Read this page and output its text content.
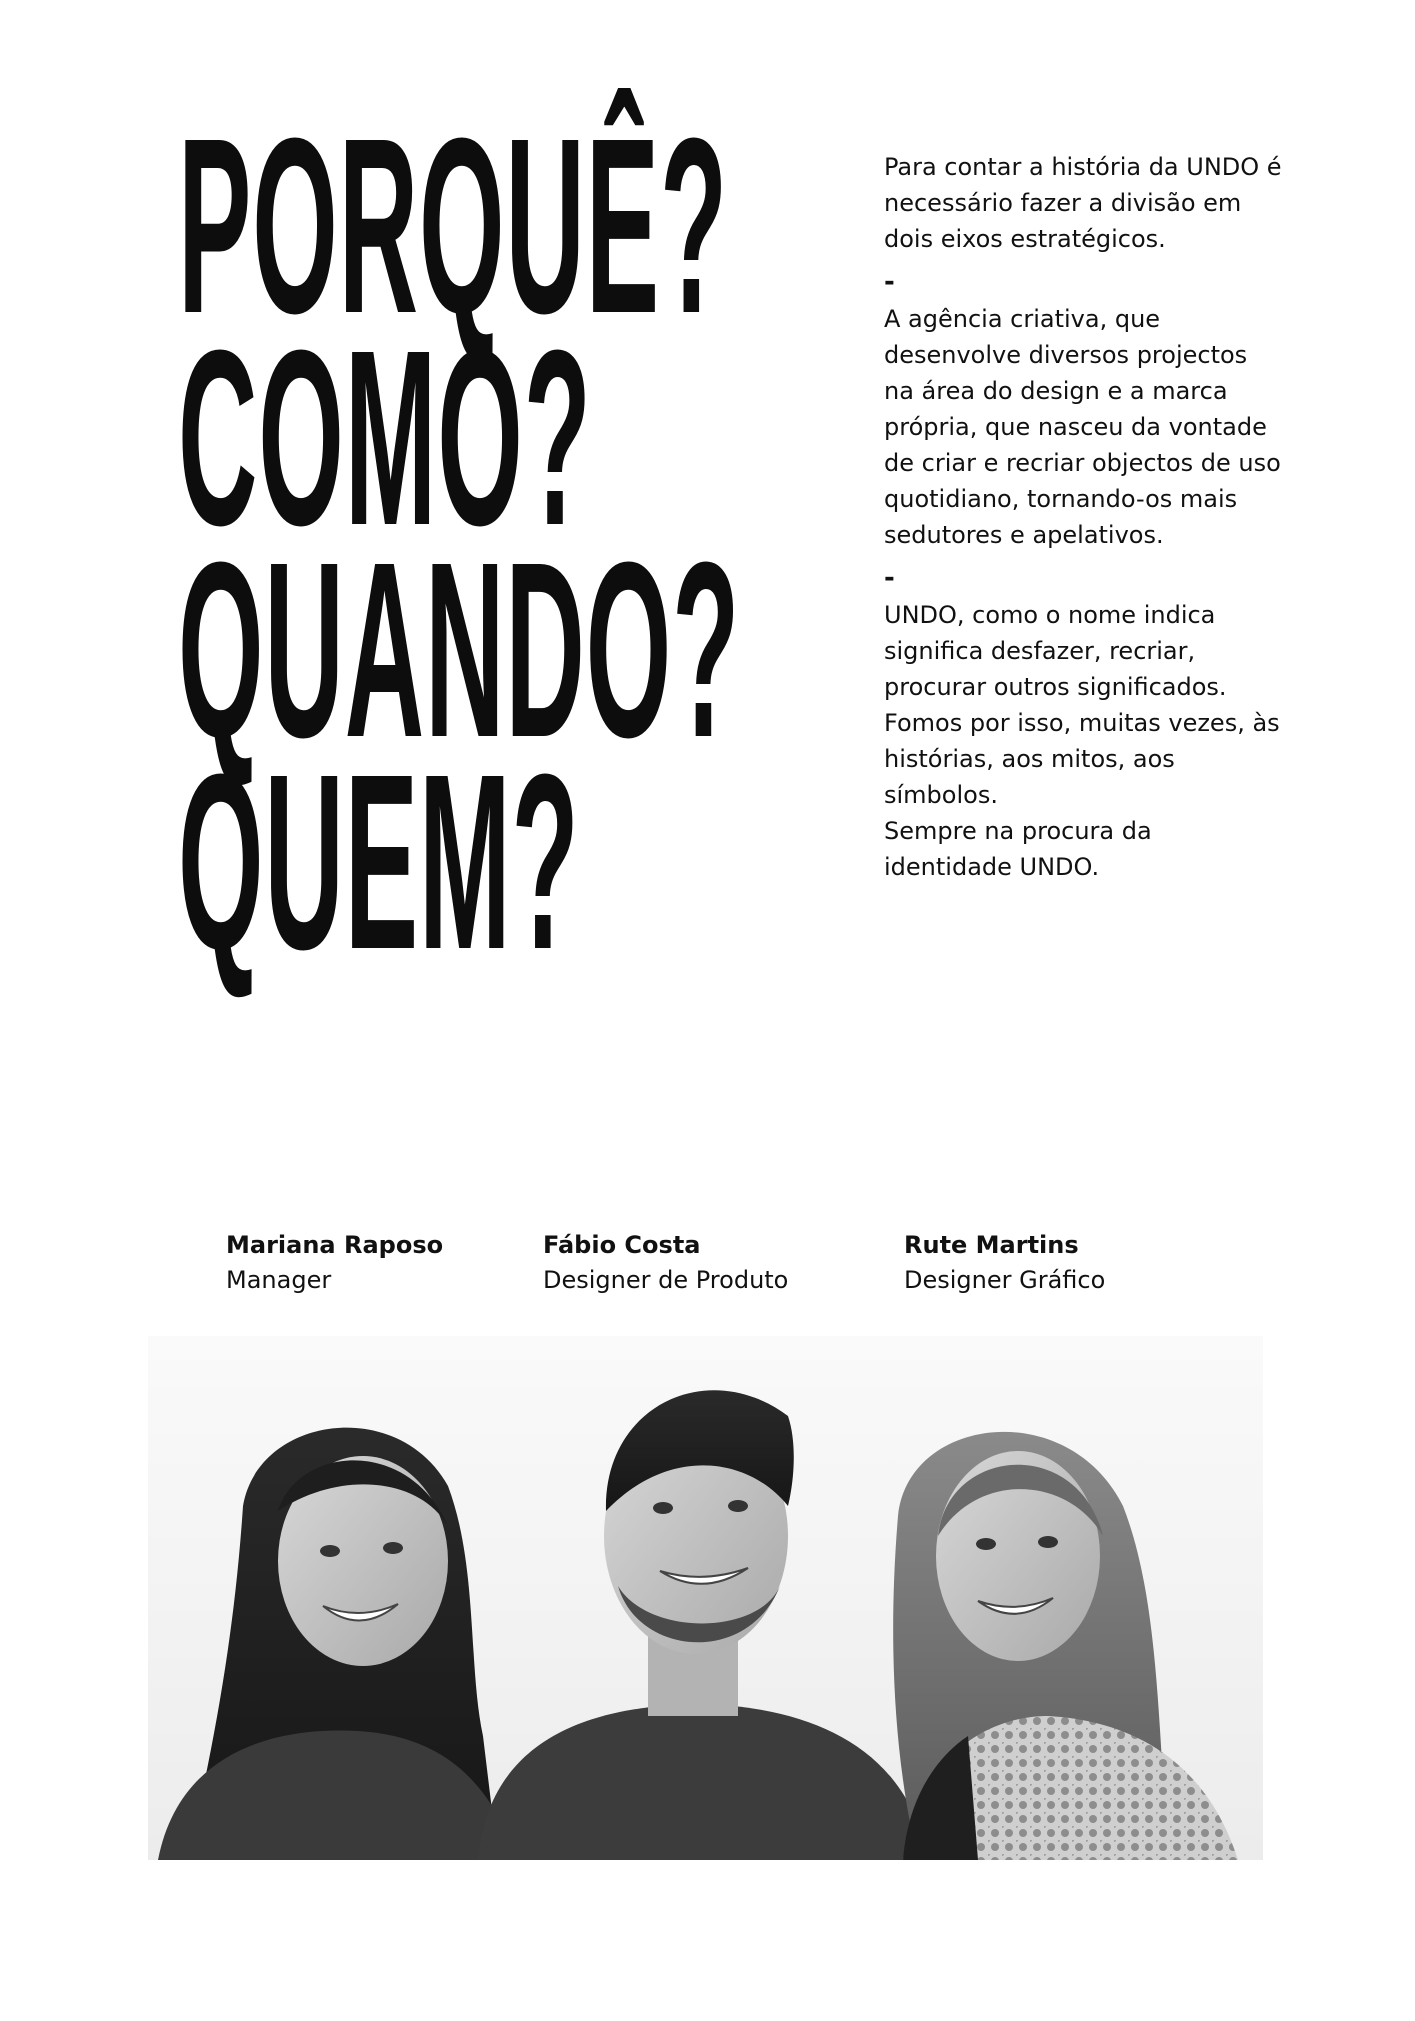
PORQUÊ?
COMO?
QUANDO?
QUEM?

Para contar a história da UNDO é necessário fazer a divisão em dois eixos estratégicos.

-

A agência criativa, que desenvolve diversos projectos na área do design e a marca própria, que nasceu da vontade de criar e recriar objectos de uso quotidiano, tornando-os mais sedutores e apelativos.

-

UNDO, como o nome indica significa desfazer, recriar, procurar outros significados. Fomos por isso, muitas vezes, às histórias, aos mitos, aos símbolos.

Sempre na procura da identidade UNDO.

Mariana Raposo
Manager
Fábio Costa
Designer de Produto
Rute Martins
Designer Gráfico
